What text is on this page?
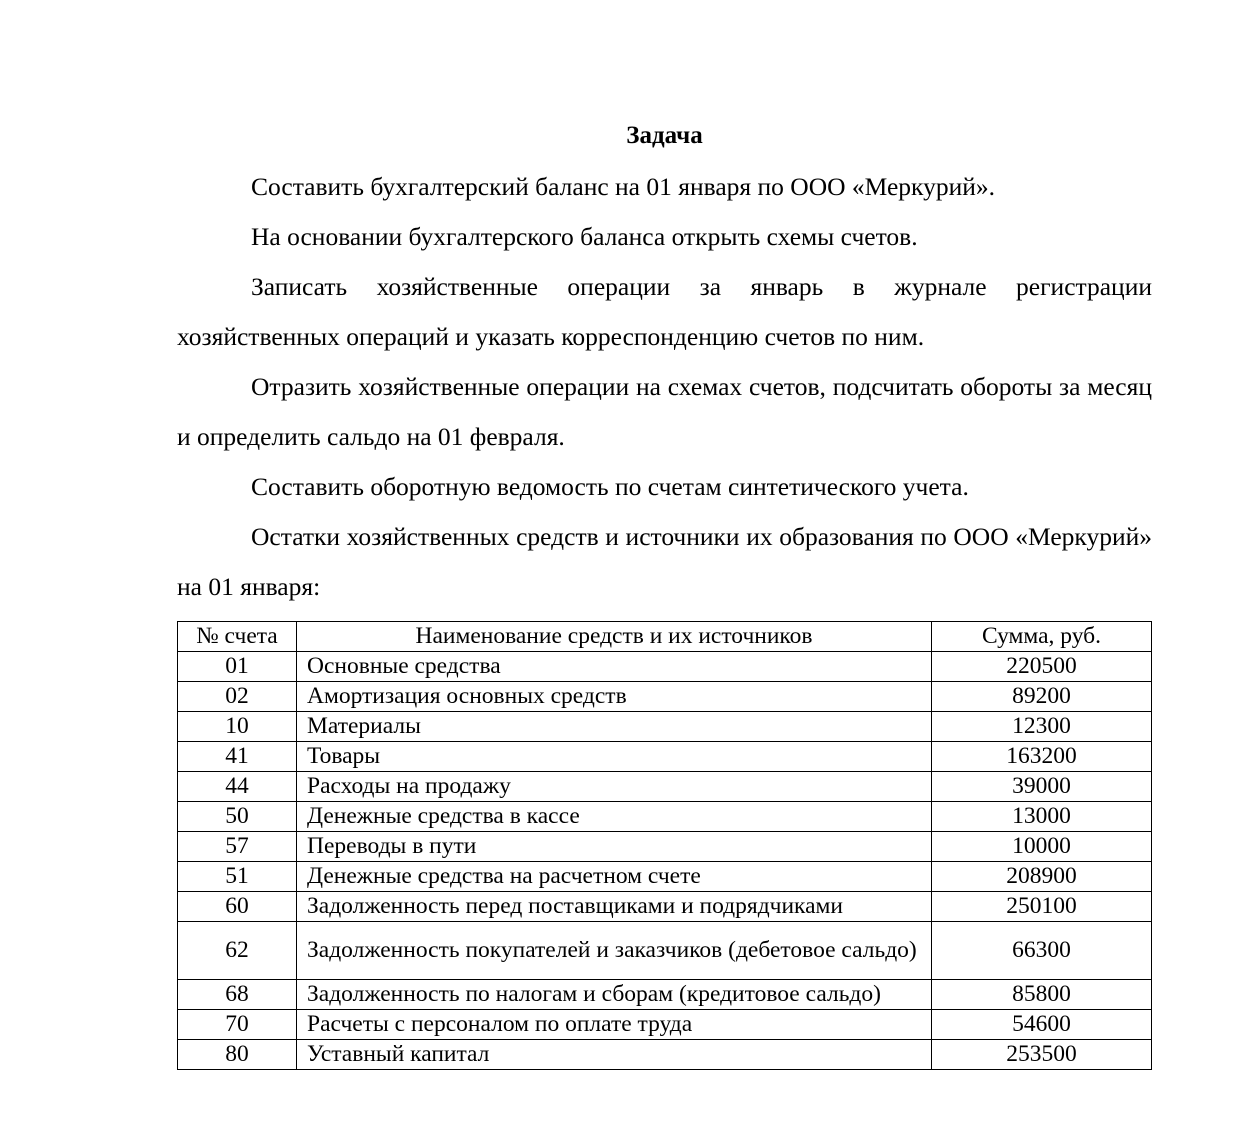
Задача

Составить бухгалтерский баланс на 01 января по ООО «Меркурий».

На основании бухгалтерского баланса открыть схемы счетов.

Записать хозяйственные операции за январь в журнале регистрации хозяйственных операций и указать корреспонденцию счетов по ним.

Отразить хозяйственные операции на схемах счетов, подсчитать обороты за месяц и определить сальдо на 01 февраля.

Составить оборотную ведомость по счетам синтетического учета.

Остатки хозяйственных средств и источники их образования по ООО «Меркурий» на 01 января:

№ счета	Наименование средств и их источников	Сумма, руб.
01	Основные средства	220500
02	Амортизация основных средств	89200
10	Материалы	12300
41	Товары	163200
44	Расходы на продажу	39000
50	Денежные средства в кассе	13000
57	Переводы в пути	10000
51	Денежные средства на расчетном счете	208900
60	Задолженность перед поставщиками и подрядчиками	250100
62	Задолженность покупателей и заказчиков (дебетовое сальдо)	66300
68	Задолженность по налогам и сборам (кредитовое сальдо)	85800
70	Расчеты с персоналом по оплате труда	54600
80	Уставный капитал	253500
